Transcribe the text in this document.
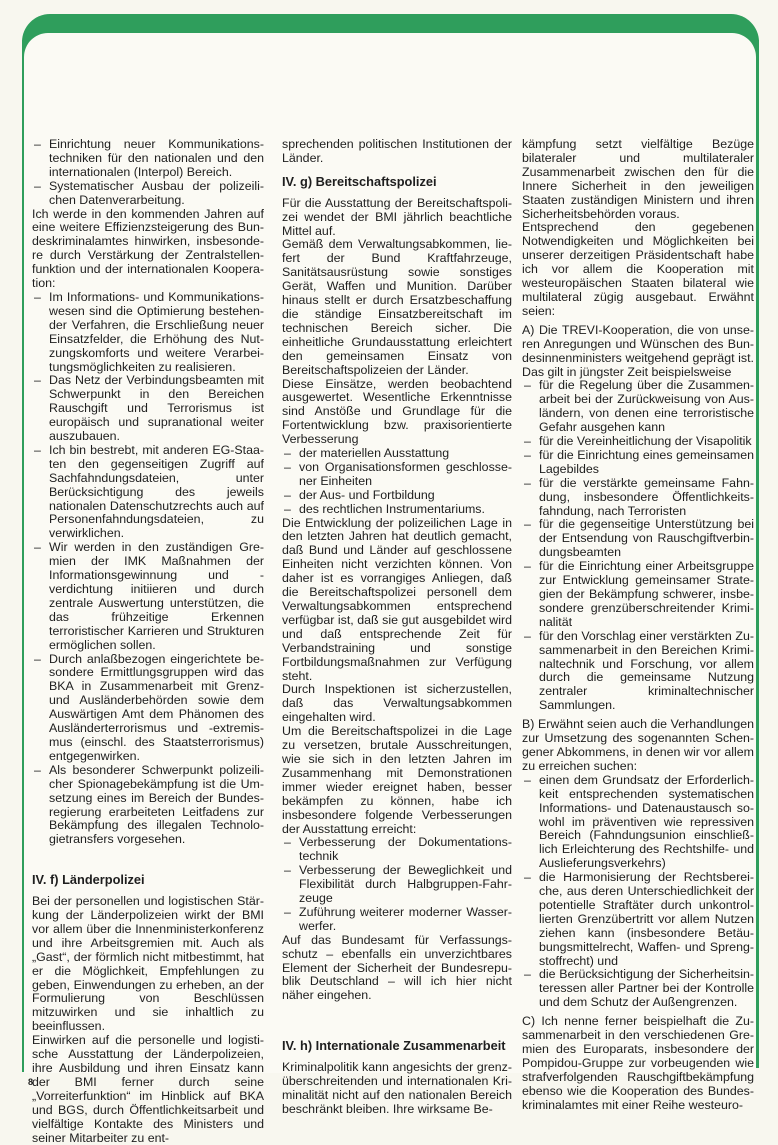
– Einrichtung neuer Kommunikationstechniken für den nationalen und den internationalen (Interpol) Bereich.
– Systematischer Ausbau der polizeilichen Datenverarbeitung.

Ich werde in den kommenden Jahren auf eine weitere Effizienzsteigerung des Bundeskriminalamtes hinwirken, insbesondere durch Verstärkung der Zentralstellenfunktion und der internationalen Kooperation:

– Im Informations- und Kommunikationswesen sind die Optimierung bestehender Verfahren, die Erschließung neuer Einsatzfelder, die Erhöhung des Nutzungskomforts und weitere Verarbeitungsmöglichkeiten zu realisieren.
– Das Netz der Verbindungsbeamten mit Schwerpunkt in den Bereichen Rauschgift und Terrorismus ist europäisch und supranational weiter auszubauen.
– Ich bin bestrebt, mit anderen EG-Staaten den gegenseitigen Zugriff auf Sachfahndungsdateien, unter Berücksichtigung des jeweils nationalen Datenschutzrechts auch auf Personenfahndungsdateien, zu verwirklichen.
– Wir werden in den zuständigen Gremien der IMK Maßnahmen der Informationsgewinnung und -verdichtung initiieren und durch zentrale Auswertung unterstützen, die das frühzeitige Erkennen terroristischer Karrieren und Strukturen ermöglichen sollen.
– Durch anlaßbezogen eingerichtete besondere Ermittlungsgruppen wird das BKA in Zusammenarbeit mit Grenz- und Ausländerbehörden sowie dem Auswärtigen Amt dem Phänomen des Ausländerterrorismus und -extremismus (einschl. des Staatsterrorismus) entgegenwirken.
– Als besonderer Schwerpunkt polizeilicher Spionagebekämpfung ist die Umsetzung eines im Bereich der Bundesregierung erarbeiteten Leitfadens zur Bekämpfung des illegalen Technologietransfers vorgesehen.
IV. f) Länderpolizei

Bei der personellen und logistischen Stärkung der Länderpolizeien wirkt der BMI vor allem über die Innenministerkonferenz und ihre Arbeitsgremien mit. Auch als „Gast“, der förmlich nicht mitbestimmt, hat er die Möglichkeit, Empfehlungen zu geben, Einwendungen zu erheben, an der Formulierung von Beschlüssen mitzuwirken und sie inhaltlich zu beeinflussen.

Einwirken auf die personelle und logistische Ausstattung der Länderpolizeien, ihre Ausbildung und ihren Einsatz kann der BMI ferner durch seine „Vorreiterfunktion“ im Hinblick auf BKA und BGS, durch Öffentlichkeitsarbeit und vielfältige Kontakte des Ministers und seiner Mitarbeiter zu ent-

sprechenden politischen Institutionen der Länder.

IV. g) Bereitschaftspolizei

Für die Ausstattung der Bereitschaftspolizei wendet der BMI jährlich beachtliche Mittel auf.

Gemäß dem Verwaltungsabkommen, liefert der Bund Kraftfahrzeuge, Sanitätsausrüstung sowie sonstiges Gerät, Waffen und Munition. Darüber hinaus stellt er durch Ersatzbeschaffung die ständige Einsatzbereitschaft im technischen Bereich sicher. Die einheitliche Grundausstattung erleichtert den gemeinsamen Einsatz von Bereitschaftspolizeien der Länder.

Diese Einsätze, werden beobachtend ausgewertet. Wesentliche Erkenntnisse sind Anstöße und Grundlage für die Fortentwicklung bzw. praxisorientierte Verbesserung

– der materiellen Ausstattung
– von Organisationsformen geschlossener Einheiten
– der Aus- und Fortbildung
– des rechtlichen Instrumentariums.

Die Entwicklung der polizeilichen Lage in den letzten Jahren hat deutlich gemacht, daß Bund und Länder auf geschlossene Einheiten nicht verzichten können. Von daher ist es vorrangiges Anliegen, daß die Bereitschaftspolizei personell dem Verwaltungsabkommen entsprechend verfügbar ist, daß sie gut ausgebildet wird und daß entsprechende Zeit für Verbandstraining und sonstige Fortbildungsmaßnahmen zur Verfügung steht.

Durch Inspektionen ist sicherzustellen, daß das Verwaltungsabkommen eingehalten wird.

Um die Bereitschaftspolizei in die Lage zu versetzen, brutale Ausschreitungen, wie sie sich in den letzten Jahren im Zusammenhang mit Demonstrationen immer wieder ereignet haben, besser bekämpfen zu können, habe ich insbesondere folgende Verbesserungen der Ausstattung erreicht:

– Verbesserung der Dokumentationstechnik
– Verbesserung der Beweglichkeit und Flexibilität durch Halbgruppen-Fahrzeuge
– Zuführung weiterer moderner Wasserwerfer.

Auf das Bundesamt für Verfassungsschutz – ebenfalls ein unverzichtbares Element der Sicherheit der Bundesrepublik Deutschland – will ich hier nicht näher eingehen.

IV. h) Internationale Zusammenarbeit

Kriminalpolitik kann angesichts der grenzüberschreitenden und internationalen Kriminalität nicht auf den nationalen Bereich beschränkt bleiben. Ihre wirksame Be-

kämpfung setzt vielfältige Bezüge bilateraler und multilateraler Zusammenarbeit zwischen den für die Innere Sicherheit in den jeweiligen Staaten zuständigen Ministern und ihren Sicherheitsbehörden voraus.

Entsprechend den gegebenen Notwendigkeiten und Möglichkeiten bei unserer derzeitigen Präsidentschaft habe ich vor allem die Kooperation mit westeuropäischen Staaten bilateral wie multilateral zügig ausgebaut. Erwähnt seien:

A) Die TREVI-Kooperation, die von unseren Anregungen und Wünschen des Bundesinnenministers weitgehend geprägt ist. Das gilt in jüngster Zeit beispielsweise

– für die Regelung über die Zusammenarbeit bei der Zurückweisung von Ausländern, von denen eine terroristische Gefahr ausgehen kann
– für die Vereinheitlichung der Visapolitik
– für die Einrichtung eines gemeinsamen Lagebildes
– für die verstärkte gemeinsame Fahndung, insbesondere Öffentlichkeitsfahndung, nach Terroristen
– für die gegenseitige Unterstützung bei der Entsendung von Rauschgiftverbindungsbeamten
– für die Einrichtung einer Arbeitsgruppe zur Entwicklung gemeinsamer Strategien der Bekämpfung schwerer, insbesondere grenzüberschreitender Kriminalität
– für den Vorschlag einer verstärkten Zusammenarbeit in den Bereichen Kriminaltechnik und Forschung, vor allem durch die gemeinsame Nutzung zentraler kriminaltechnischer Sammlungen.

B) Erwähnt seien auch die Verhandlungen zur Umsetzung des sogenannten Schengener Abkommens, in denen wir vor allem zu erreichen suchen:

– einen dem Grundsatz der Erforderlichkeit entsprechenden systematischen Informations- und Datenaustausch sowohl im präventiven wie repressiven Bereich (Fahndungsunion einschließlich Erleichterung des Rechtshilfe- und Auslieferungsverkehrs)
– die Harmonisierung der Rechtsbereiche, aus deren Unterschiedlichkeit der potentielle Straftäter durch unkontrollierten Grenzübertritt vor allem Nutzen ziehen kann (insbesondere Betäubungsmittelrecht, Waffen- und Sprengstoffrecht) und
– die Berücksichtigung der Sicherheitsinteressen aller Partner bei der Kontrolle und dem Schutz der Außengrenzen.

C) Ich nenne ferner beispielhaft die Zusammenarbeit in den verschiedenen Gremien des Europarats, insbesondere der Pompidou-Gruppe zur vorbeugenden wie strafverfolgenden Rauschgiftbekämpfung ebenso wie die Kooperation des Bundeskriminalamtes mit einer Reihe westeuro-

8
